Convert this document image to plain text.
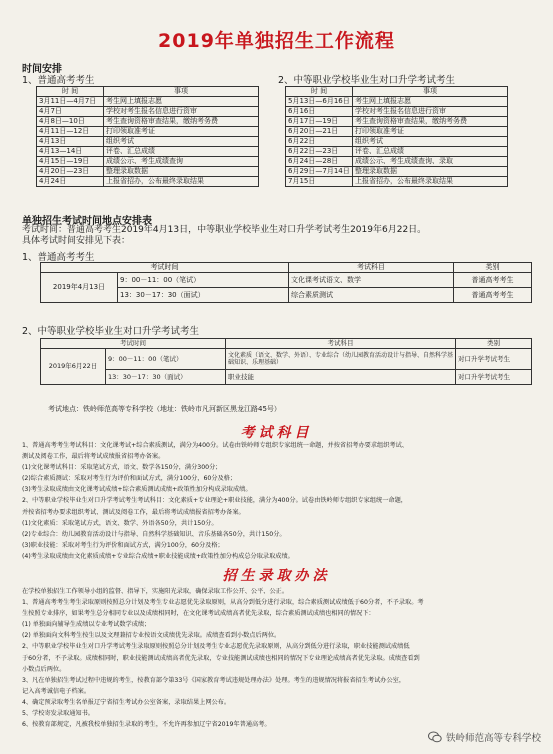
2019年单独招生工作流程
时间安排
1、普通高考考生	2、中等职业学校毕业生对口升学考试考生
时 间	事项
3月11日—4月7日	考生网上填报志愿
4月7日	学校对考生报名信息进行资审
4月8日—10日	考生查询资格审查结果，缴纳考务费
4月11日—12日	打印领取准考证
4月13日	组织考试
4月13—14日	评卷、汇总成绩
4月15日—19日	成绩公示、考生成绩查询
4月20日—23日	整理录取数据
4月24日	上报省招办，公布最终录取结果
时 间	事项
5月13日—6月16日	考生网上填报志愿
6月16日	学校对考生报名信息进行资审
6月17日—19日	考生查询资格审查结果，缴纳考务费
6月20日—21日	打印领取准考证
6月22日	组织考试
6月22日—23日	评卷、汇总成绩
6月24日—28日	成绩公示、考生成绩查询、录取
6月29日—7月14日	整理录取数据
7月15日	上报省招办，公布最终录取结果
单独招生考试时间地点安排表
考试时间：普通高考考生2019年4月13日，中等职业学校毕业生对口升学考试考生2019年6月22日。
具体考试时间安排见下表：
1、普通高考考生
考试时间		考试科目	类别
2019年4月13日	9：00－11：00（笔试）	文化课考试语文、数学	普通高考考生
	13：30－17：30（面试）	综合素质测试	普通高考考生
2、中等职业学校毕业生对口升学考试考生
考试时间		考试科目	类别
2019年6月22日	9：00－11：00（笔试）	文化素质（语文、数学、外语）、专业综合（幼儿园教育活动设计与指导、自然科学基础知识、乐理基础）	对口升学考试考生
	13：30－17：30（面试）	职业技能	对口升学考试考生
考试地点：铁岭师范高等专科学校（地址：铁岭市凡河新区黑龙江路45号）
考试科目

1、普通高考考生考试科目：文化课考试+综合素质测试，满分为400分。试卷由铁岭师专组织专家组统一命题，并按省招考办要求组织考试、

测试及阅卷工作，最后将考试成绩报省招考办备案。

(1)文化课考试科目：采取笔试方式，语文、数学各150分，满分300分；

(2)综合素质测试：采取对考生行为评价和面试方式，满分100分，60分及格；

(3)考生录取成绩由文化课考试成绩+综合素质测试成绩+政策性加分构成录取成绩。

2、中等职业学校毕业生对口升学考试考生考试科目：文化素质+专业理论+职业技能，满分为400分。试卷由铁岭师专组织专家组统一命题，

并按省招考办要求组织考试、测试及阅卷工作，最后将考试成绩报省招考办备案。

(1)文化素质：采取笔试方式，语文、数学、外语各50分，共计150分。

(2)专业综合：幼儿园教育活动设计与指导、自然科学基础知识、音乐基础各50分，共计150分。

(3)职业技能：采取对考生行为评价和面试方式，满分100分，60分及格；

(4)考生录取成绩由文化素质成绩+专业综合成绩+职业技能成绩+政策性加分构成总分取录取成绩。

招生录取办法

在学校单独招生工作领导小组的监督、指导下，实施阳光录取，确保录取工作公开、公平、公正。

1、普通高考考生考生录取原则按照总分计划及考生专业志愿优先录取原则，从高分到低分进行录取，综合素质测试成绩低于60分者，不予录取。考

生按照专业排序，如果考生总分相同专业以及成绩相同时，在文化课考试成绩高者优先录取，综合素质测试成绩也相同的情况下：

(1) 单独面向辅导生成绩以专业考试数学成绩；

(2) 单独面向文科考生按生以及文理兼招专业按语文成绩优先录取。成绩查看到小数点后两位。

2、中等职业学校毕业生对口升学考试考生录取原则按照总分计划及考生专业志愿优先录取原则，从高分到低分进行录取，职业技能测试成绩低

于60分者，不予录取。成绩相同时，职业技能测试成绩高者优先录取，专业技能测试成绩也相同的情况下专业理论成绩高者优先录取。成绩查看到

小数点后两位。

3、凡在单独招生考试过程中违规的考生，按教育部令第33号《国家教育考试违规处理办法》处理。考生的违规情况将报省招生考试办公室，

记入高考诚信电子档案。

4、确定预录取考生名单报辽宁省招生考试办公室备案，录取结果上网公布。

5、学校寄发录取通知书。

6、按教育部规定，凡被我校单独招生录取的考生，不允许再参加辽宁省2019年普通高考。

铁岭师范高等专科学校
